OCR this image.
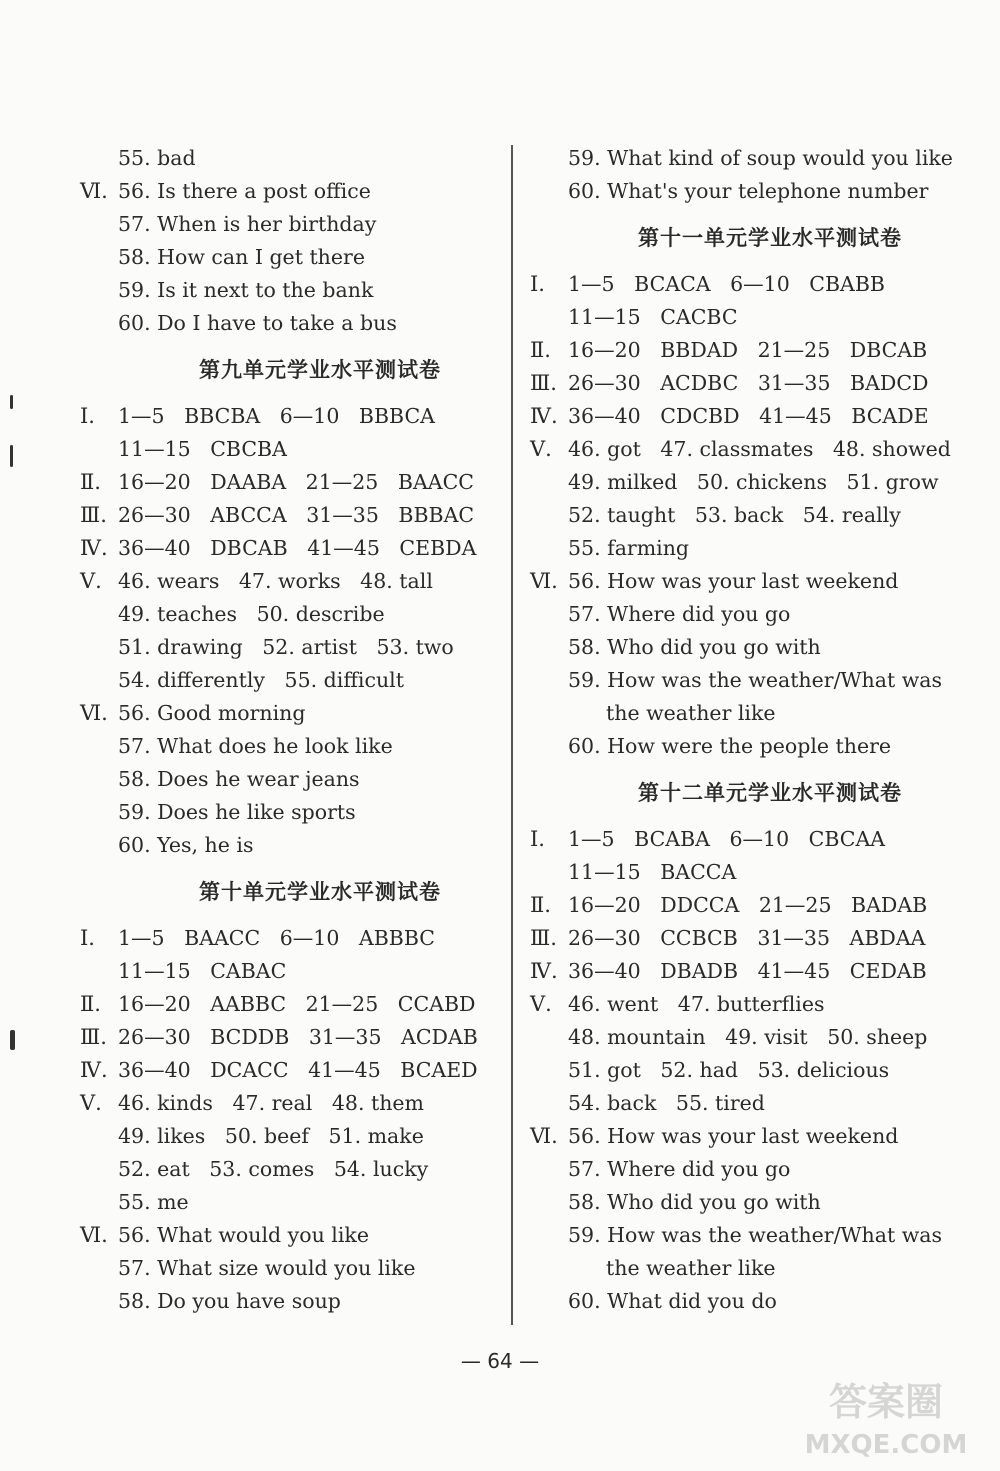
55. bad
Ⅵ. 56. Is there a post office
57. When is her birthday
58. How can I get there
59. Is it next to the bank
60. Do I have to take a bus
第九单元学业水平测试卷
Ⅰ.	1—5   BBCBA   6—10   BBBCA
11—15   CBCBA
Ⅱ. 16—20   DAABA   21—25   BAACC
Ⅲ. 26—30   ABCCA   31—35   BBBAC
Ⅳ. 36—40   DBCAB   41—45   CEBDA
Ⅴ. 46. wears   47. works   48. tall
49. teaches   50. describe
51. drawing   52. artist   53. two
54. differently   55. difficult
Ⅵ. 56. Good morning
57. What does he look like
58. Does he wear jeans
59. Does he like sports
60. Yes, he is
第十单元学业水平测试卷
Ⅰ.	1—5   BAACC   6—10   ABBBC
11—15   CABAC
Ⅱ. 16—20   AABBC   21—25   CCABD
Ⅲ. 26—30   BCDDB   31—35   ACDAB
Ⅳ. 36—40   DCACC   41—45   BCAED
Ⅴ. 46. kinds   47. real   48. them
49. likes   50. beef   51. make
52. eat   53. comes   54. lucky
55. me
Ⅵ. 56. What would you like
57. What size would you like
58. Do you have soup
59. What kind of soup would you like
60. What's your telephone number
第十一单元学业水平测试卷
Ⅰ.	1—5   BCACA   6—10   CBABB
11—15   CACBC
Ⅱ. 16—20   BBDAD   21—25   DBCAB
Ⅲ. 26—30   ACDBC   31—35   BADCD
Ⅳ. 36—40   CDCBD   41—45   BCADE
Ⅴ. 46. got   47. classmates   48. showed
49. milked   50. chickens   51. grow
52. taught   53. back   54. really
55. farming
Ⅵ. 56. How was your last weekend
57. Where did you go
58. Who did you go with
59. How was the weather/What was
the weather like
60. How were the people there
第十二单元学业水平测试卷
Ⅰ.	1—5   BCABA   6—10   CBCAA
11—15   BACCA
Ⅱ. 16—20   DDCCA   21—25   BADAB
Ⅲ. 26—30   CCBCB   31—35   ABDAA
Ⅳ. 36—40   DBADB   41—45   CEDAB
Ⅴ. 46. went   47. butterflies
48. mountain   49. visit   50. sheep
51. got   52. had   53. delicious
54. back   55. tired
Ⅵ. 56. How was your last weekend
57. Where did you go
58. Who did you go with
59. How was the weather/What was
the weather like
60. What did you do
— 64 —
答案圈
MXQE.COM
